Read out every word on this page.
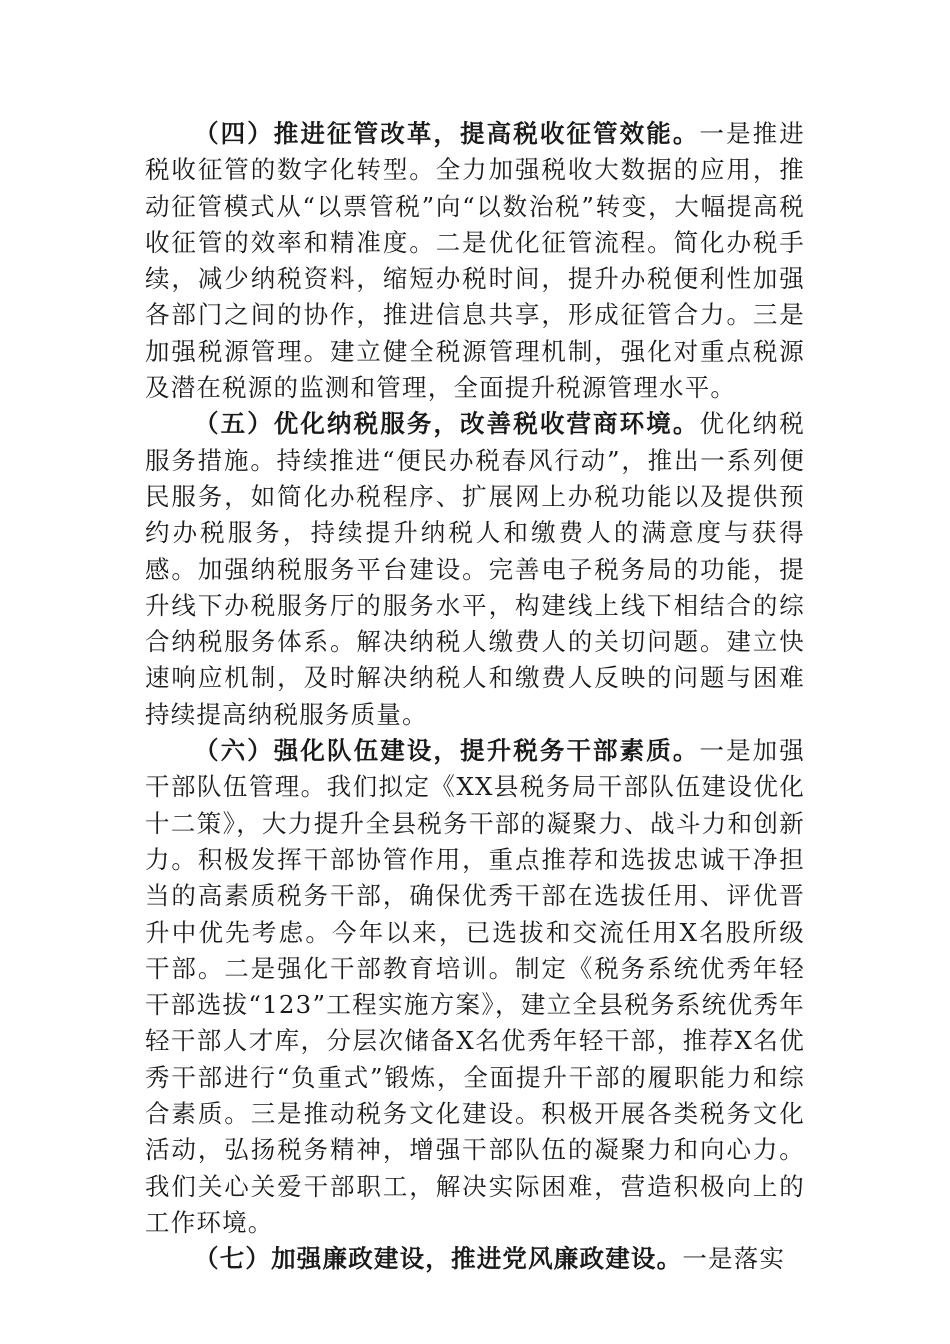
（四）推进征管改革，提高税收征管效能。一是推进税收征管的数字化转型。全力加强税收大数据的应用，推动征管模式从“以票管税”向“以数治税”转变，大幅提高税收征管的效率和精准度。二是优化征管流程。简化办税手续，减少纳税资料，缩短办税时间，提升办税便利性加强各部门之间的协作，推进信息共享，形成征管合力。三是加强税源管理。建立健全税源管理机制，强化对重点税源及潜在税源的监测和管理，全面提升税源管理水平。

（五）优化纳税服务，改善税收营商环境。优化纳税服务措施。持续推进“便民办税春风行动”，推出一系列便民服务，如简化办税程序、扩展网上办税功能以及提供预约办税服务，持续提升纳税人和缴费人的满意度与获得感。加强纳税服务平台建设。完善电子税务局的功能，提升线下办税服务厅的服务水平，构建线上线下相结合的综合纳税服务体系。解决纳税人缴费人的关切问题。建立快速响应机制，及时解决纳税人和缴费人反映的问题与困难持续提高纳税服务质量。

（六）强化队伍建设，提升税务干部素质。一是加强干部队伍管理。我们拟定《XX县税务局干部队伍建设优化十二策》，大力提升全县税务干部的凝聚力、战斗力和创新力。积极发挥干部协管作用，重点推荐和选拔忠诚干净担当的高素质税务干部，确保优秀干部在选拔任用、评优晋升中优先考虑。今年以来，已选拔和交流任用X名股所级干部。二是强化干部教育培训。制定《税务系统优秀年轻干部选拔“123”工程实施方案》，建立全县税务系统优秀年轻干部人才库，分层次储备X名优秀年轻干部，推荐X名优秀干部进行“负重式”锻炼，全面提升干部的履职能力和综合素质。三是推动税务文化建设。积极开展各类税务文化活动，弘扬税务精神，增强干部队伍的凝聚力和向心力。我们关心关爱干部职工，解决实际困难，营造积极向上的工作环境。

（七）加强廉政建设，推进党风廉政建设。一是落实
